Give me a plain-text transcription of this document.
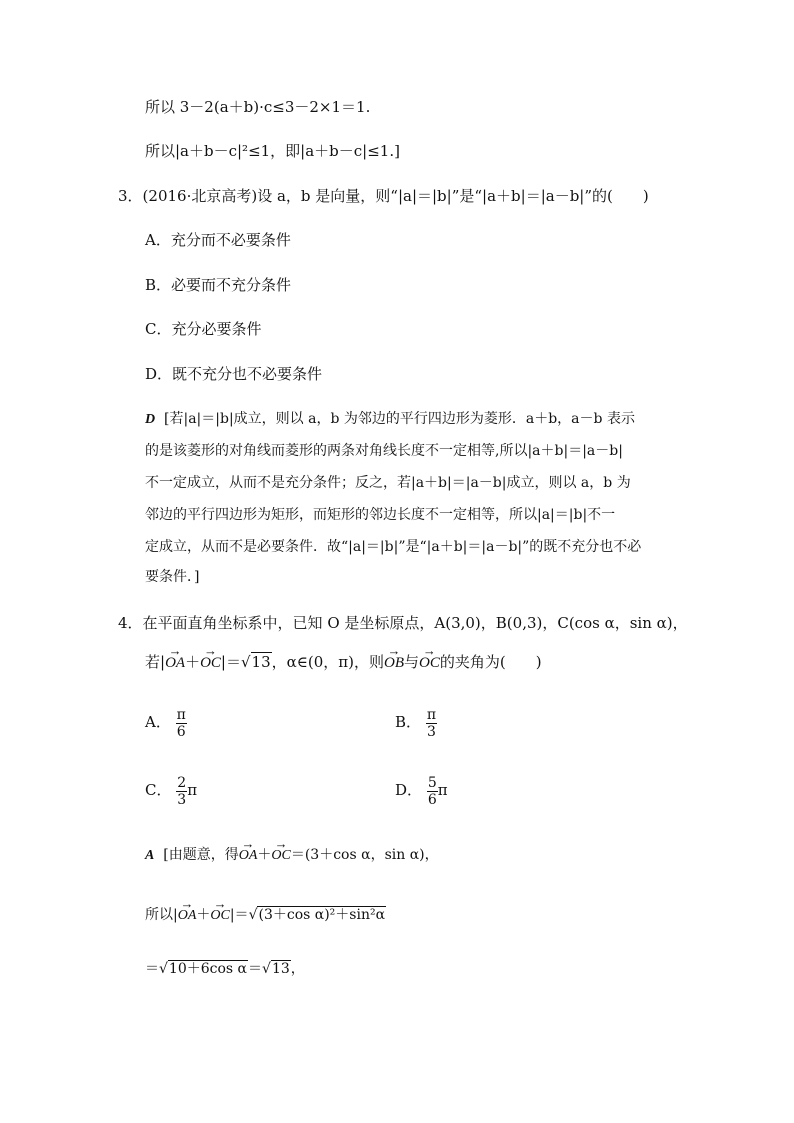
所以 3－2(a＋b)·c≤3－2×1＝1.
所以|a＋b－c|²≤1，即|a＋b－c|≤1.]
3．(2016·北京高考)设 a，b 是向量，则“|a|＝|b|”是“|a＋b|＝|a－b|”的(　　)
A．充分而不必要条件
B．必要而不充分条件
C．充分必要条件
D．既不充分也不必要条件
D [若|a|＝|b|成立，则以 a，b 为邻边的平行四边形为菱形．a＋b，a－b 表示
的是该菱形的对角线而菱形的两条对角线长度不一定相等,所以|a＋b|＝|a－b|
不一定成立，从而不是充分条件；反之，若|a＋b|＝|a－b|成立，则以 a，b 为
邻边的平行四边形为矩形，而矩形的邻边长度不一定相等，所以|a|＝|b|不一
定成立，从而不是必要条件．故“|a|＝|b|”是“|a＋b|＝|a－b|”的既不充分也不必
要条件．]
4．在平面直角坐标系中，已知 O 是坐标原点，A(3,0)，B(0,3)，C(cos α，sin α)，
若|→ OA＋→ OC|＝√13，α∈(0，π)，则→ OB与→ OC的夹角为(　　)
A． $\frac{\pi}{6}$	B． $\frac{\pi}{3}$
C． $\frac{2}{3}$ π	D． $\frac{5}{6}$ π
A [由题意，得→ OA＋→ OC＝(3＋cos α，sin α)，
所以|→ OA＋→ OC|＝√(3＋cos α)²＋sin²α
＝√10＋6cos α＝√13，
